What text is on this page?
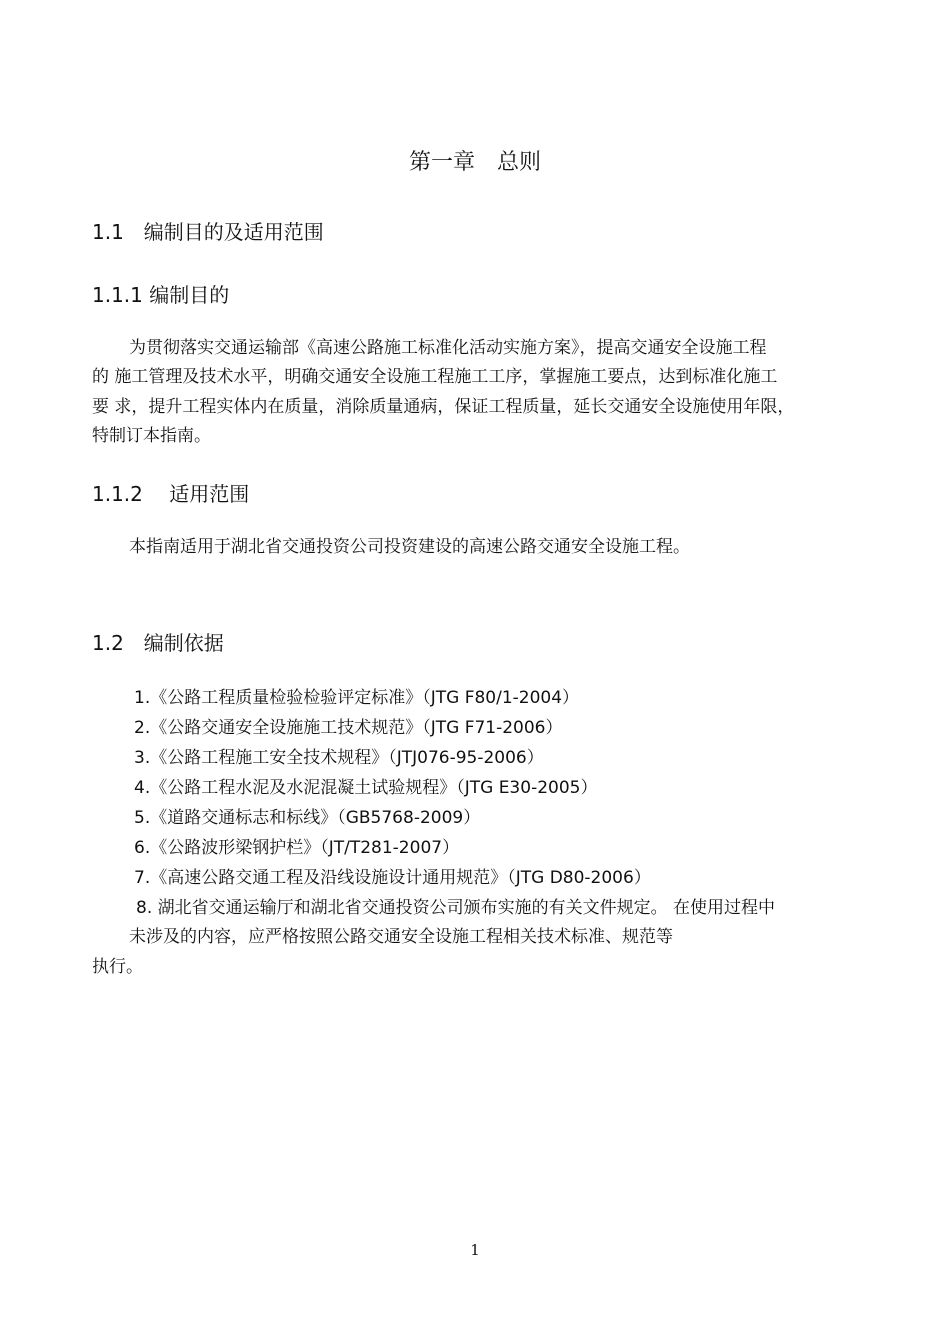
第一章　总则
1.1　编制目的及适用范围
1.1.1 编制目的
为贯彻落实交通运输部《高速公路施工标准化活动实施方案》，提高交通安全设施工程
的 施工管理及技术水平，明确交通安全设施工程施工工序，掌握施工要点，达到标准化施工
要 求，提升工程实体内在质量，消除质量通病，保证工程质量，延长交通安全设施使用年限，
特制订本指南。
1.1.2　 适用范围
本指南适用于湖北省交通投资公司投资建设的高速公路交通安全设施工程。
1.2　编制依据
1.《公路工程质量检验检验评定标准》（JTG F80/1-2004）
2.《公路交通安全设施施工技术规范》（JTG F71-2006）
3.《公路工程施工安全技术规程》（JTJ076-95-2006）
4.《公路工程水泥及水泥混凝土试验规程》（JTG E30-2005）
5.《道路交通标志和标线》（GB5768-2009）
6.《公路波形梁钢护栏》（JT/T281-2007）
7.《高速公路交通工程及沿线设施设计通用规范》（JTG D80-2006）
8. 湖北省交通运输厅和湖北省交通投资公司颁布实施的有关文件规定。 在使用过程中
未涉及的内容，应严格按照公路交通安全设施工程相关技术标准、规范等
执行。
1
